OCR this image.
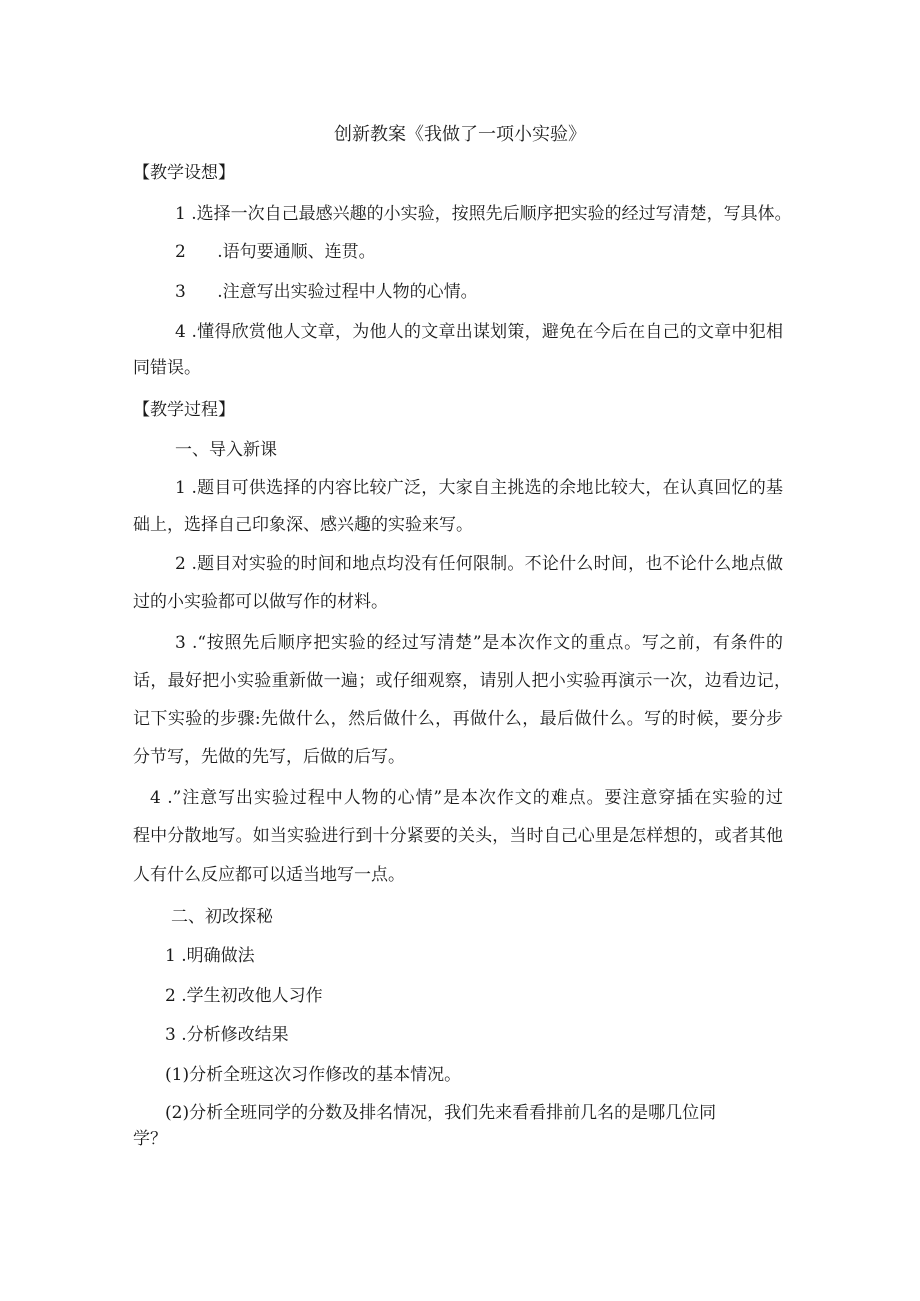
创新教案《我做了一项小实验》
【教学设想】
1 .选择一次自己最感兴趣的小实验，按照先后顺序把实验的经过写清楚，写具体。
2 .语句要通顺、连贯。
3 .注意写出实验过程中人物的心情。
4 .懂得欣赏他人文章，为他人的文章出谋划策，避免在今后在自己的文章中犯相
同错误。
【教学过程】
一、导入新课
1 .题目可供选择的内容比较广泛，大家自主挑选的余地比较大，在认真回忆的基
础上，选择自己印象深、感兴趣的实验来写。
2 .题目对实验的时间和地点均没有任何限制。不论什么时间，也不论什么地点做
过的小实验都可以做写作的材料。
3 .“按照先后顺序把实验的经过写清楚”是本次作文的重点。写之前，有条件的
话，最好把小实验重新做一遍；或仔细观察，请别人把小实验再演示一次，边看边记，
记下实验的步骤:先做什么，然后做什么，再做什么，最后做什么。写的时候，要分步
分节写，先做的先写，后做的后写。
4 .”注意写出实验过程中人物的心情”是本次作文的难点。要注意穿插在实验的过
程中分散地写。如当实验进行到十分紧要的关头，当时自己心里是怎样想的，或者其他
人有什么反应都可以适当地写一点。
二、初改探秘
1 .明确做法
2 .学生初改他人习作
3 .分析修改结果
(1)分析全班这次习作修改的基本情况。
(2)分析全班同学的分数及排名情况，我们先来看看排前几名的是哪几位同
学？
